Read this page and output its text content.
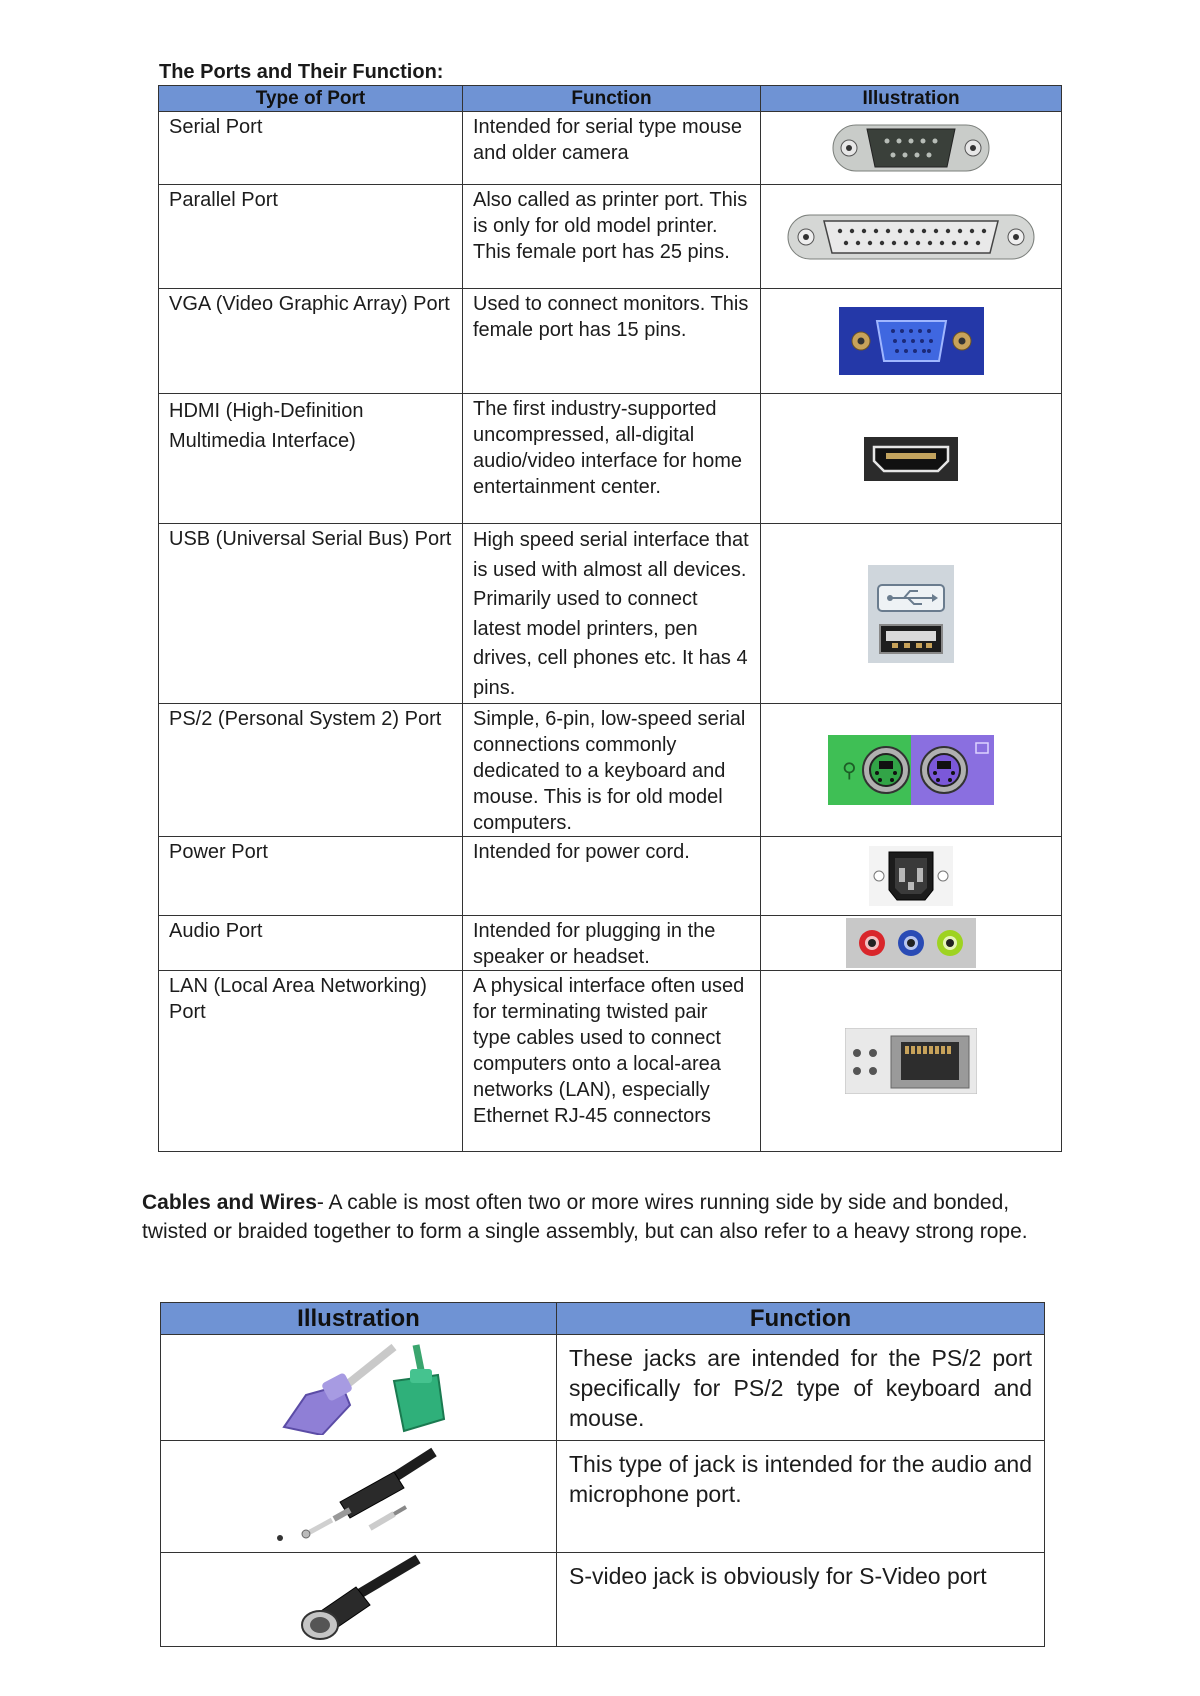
The Ports and Their Function:
Type of Port	Function	Illustration
Serial Port	Intended for serial type mouse and older camera	
Parallel Port	Also called as printer port. This is only for old model printer. This female port has 25 pins.	
VGA (Video Graphic Array) Port	Used to connect monitors. This female port has 15 pins.	
HDMI (High-Definition Multimedia Interface)	The first industry-supported uncompressed, all-digital audio/video interface for home entertainment center.	
USB (Universal Serial Bus) Port	High speed serial interface that is used with almost all devices. Primarily used to connect latest model printers, pen drives, cell phones etc. It has 4 pins.	
PS/2 (Personal System 2) Port	Simple, 6-pin, low-speed serial connections commonly dedicated to a keyboard and mouse. This is for old model computers.	⚲

Power Port	Intended for power cord.	
Audio Port	Intended for plugging in the speaker or headset.	
LAN (Local Area Networking) Port	A physical interface often used for terminating twisted pair type cables used to connect computers onto a local-area networks (LAN), especially Ethernet RJ-45 connectors	
Cables and Wires- A cable is most often two or more wires running side by side and bonded, twisted or braided together to form a single assembly, but can also refer to a heavy strong rope.
Illustration	Function
	These jacks are intended for the PS/2 port specifically for PS/2 type of keyboard and mouse.
	This type of jack is intended for the audio and microphone port.
	S-video jack is obviously for S-Video port
